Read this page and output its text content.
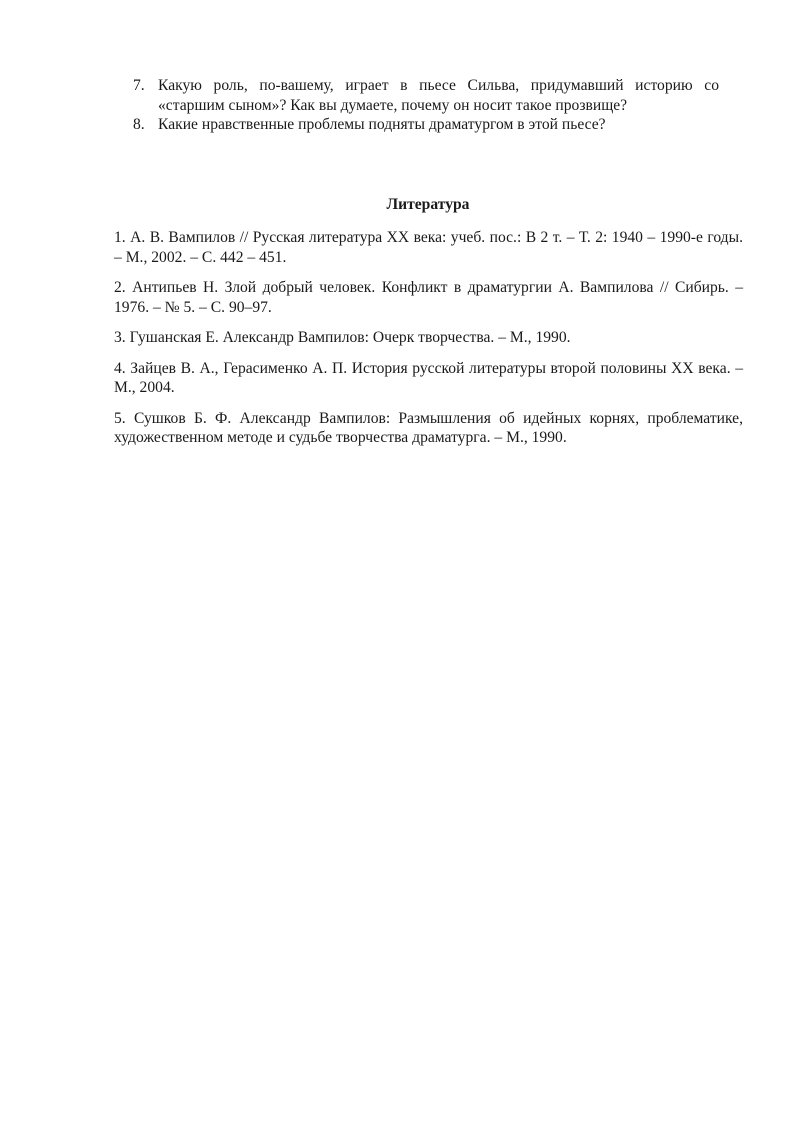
7. Какую роль, по-вашему, играет в пьесе Сильва, придумавший историю со «старшим сыном»? Как вы думаете, почему он носит такое прозвище?
8. Какие нравственные проблемы подняты драматургом в этой пьесе?
Литература

1. А. В. Вампилов // Русская литература XX века: учеб. пос.: В 2 т. – Т. 2: 1940 – 1990-е годы. – М., 2002. – С. 442 – 451.

2. Антипьев Н. Злой добрый человек. Конфликт в драматургии А. Вампилова // Сибирь. – 1976. – № 5. – С. 90–97.

3. Гушанская Е. Александр Вампилов: Очерк творчества. – М., 1990.

4. Зайцев В. А., Герасименко А. П. История русской литературы второй половины XX века. – М., 2004.

5. Сушков Б. Ф. Александр Вампилов: Размышления об идейных корнях, проблематике, художественном методе и судьбе творчества драматурга. – М., 1990.
